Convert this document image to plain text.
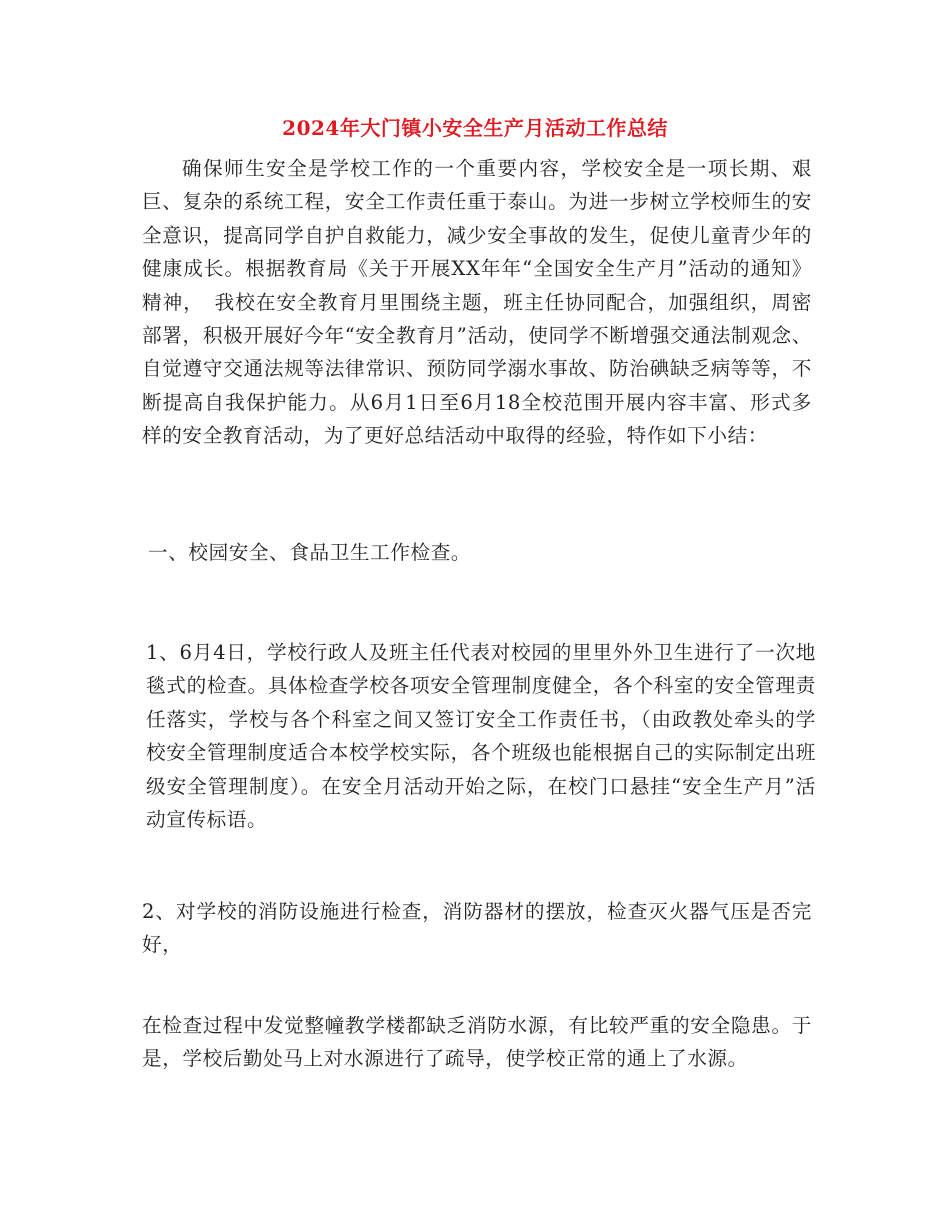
2024年大门镇小安全生产月活动工作总结

确保师生安全是学校工作的一个重要内容，学校安全是一项长期、艰巨、复杂的系统工程，安全工作责任重于泰山。为进一步树立学校师生的安全意识，提高同学自护自救能力，减少安全事故的发生，促使儿童青少年的健康成长。根据教育局《关于开展XX年年“全国安全生产月”活动的通知》精神，　我校在安全教育月里围绕主题，班主任协同配合，加强组织，周密部署，积极开展好今年“安全教育月”活动，使同学不断增强交通法制观念、自觉遵守交通法规等法律常识、预防同学溺水事故、防治碘缺乏病等等，不断提高自我保护能力。从6月1日至6月18全校范围开展内容丰富、形式多样的安全教育活动，为了更好总结活动中取得的经验，特作如下小结：

一、校园安全、食品卫生工作检查。

1、6月4日，学校行政人及班主任代表对校园的里里外外卫生进行了一次地毯式的检查。具体检查学校各项安全管理制度健全，各个科室的安全管理责任落实，学校与各个科室之间又签订安全工作责任书，（由政教处牵头的学校安全管理制度适合本校学校实际，各个班级也能根据自己的实际制定出班级安全管理制度）。在安全月活动开始之际，在校门口悬挂“安全生产月”活动宣传标语。

2、对学校的消防设施进行检查，消防器材的摆放，检查灭火器气压是否完好，

在检查过程中发觉整幢教学楼都缺乏消防水源，有比较严重的安全隐患。于是，学校后勤处马上对水源进行了疏导，使学校正常的通上了水源。
